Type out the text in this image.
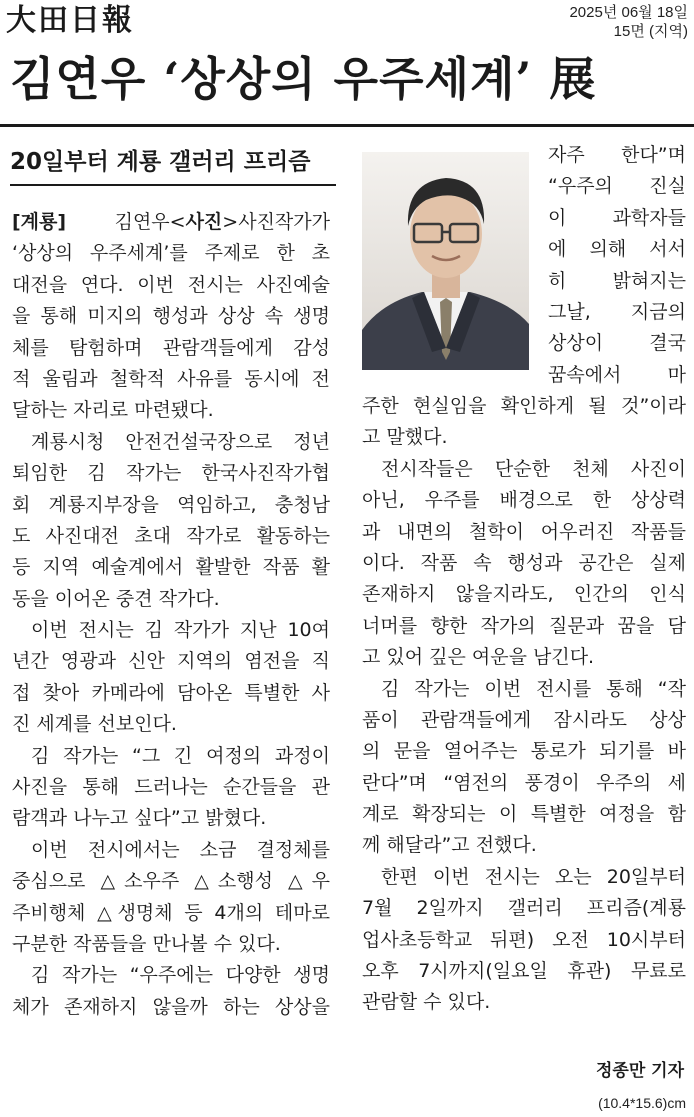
大田日報	2025년 06월 18일
15면 (지역)
김연우 ‘상상의 우주세계’ 展
20일부터 계룡 갤러리 프리즘
[계룡] 김연우<사진>사진작가가
‘상상의 우주세계’를 주제로 한 초
대전을 연다. 이번 전시는 사진예술
을 통해 미지의 행성과 상상 속 생명
체를 탐험하며 관람객들에게 감성
적 울림과 철학적 사유를 동시에 전
달하는 자리로 마련됐다.
계룡시청 안전건설국장으로 정년
퇴임한 김 작가는 한국사진작가협
회 계룡지부장을 역임하고, 충청남
도 사진대전 초대 작가로 활동하는
등 지역 예술계에서 활발한 작품 활
동을 이어온 중견 작가다.
이번 전시는 김 작가가 지난 10여
년간 영광과 신안 지역의 염전을 직
접 찾아 카메라에 담아온 특별한 사
진 세계를 선보인다.
김 작가는 “그 긴 여정의 과정이
사진을 통해 드러나는 순간들을 관
람객과 나누고 싶다”고 밝혔다.
이번 전시에서는 소금 결정체를
중심으로 △소우주 △소행성 △우
주비행체 △생명체 등 4개의 테마로
구분한 작품들을 만나볼 수 있다.
김 작가는 “우주에는 다양한 생명
체가 존재하지 않을까 하는 상상을
자주 한다”며
“우주의 진실
이 과학자들
에 의해 서서
히 밝혀지는
그날, 지금의
상상이 결국
꿈속에서 마
주한 현실임을 확인하게 될 것”이라
고 말했다.
전시작들은 단순한 천체 사진이
아닌, 우주를 배경으로 한 상상력
과 내면의 철학이 어우러진 작품들
이다. 작품 속 행성과 공간은 실제
존재하지 않을지라도, 인간의 인식
너머를 향한 작가의 질문과 꿈을 담
고 있어 깊은 여운을 남긴다.
김 작가는 이번 전시를 통해 “작
품이 관람객들에게 잠시라도 상상
의 문을 열어주는 통로가 되기를 바
란다”며 “염전의 풍경이 우주의 세
계로 확장되는 이 특별한 여정을 함
께 해달라”고 전했다.
한편 이번 전시는 오는 20일부터
7월 2일까지 갤러리 프리즘(계룡
업사초등학교 뒤편) 오전 10시부터
오후 7시까지(일요일 휴관) 무료로
관람할 수 있다.
정종만 기자
(10.4*15.6)cm
